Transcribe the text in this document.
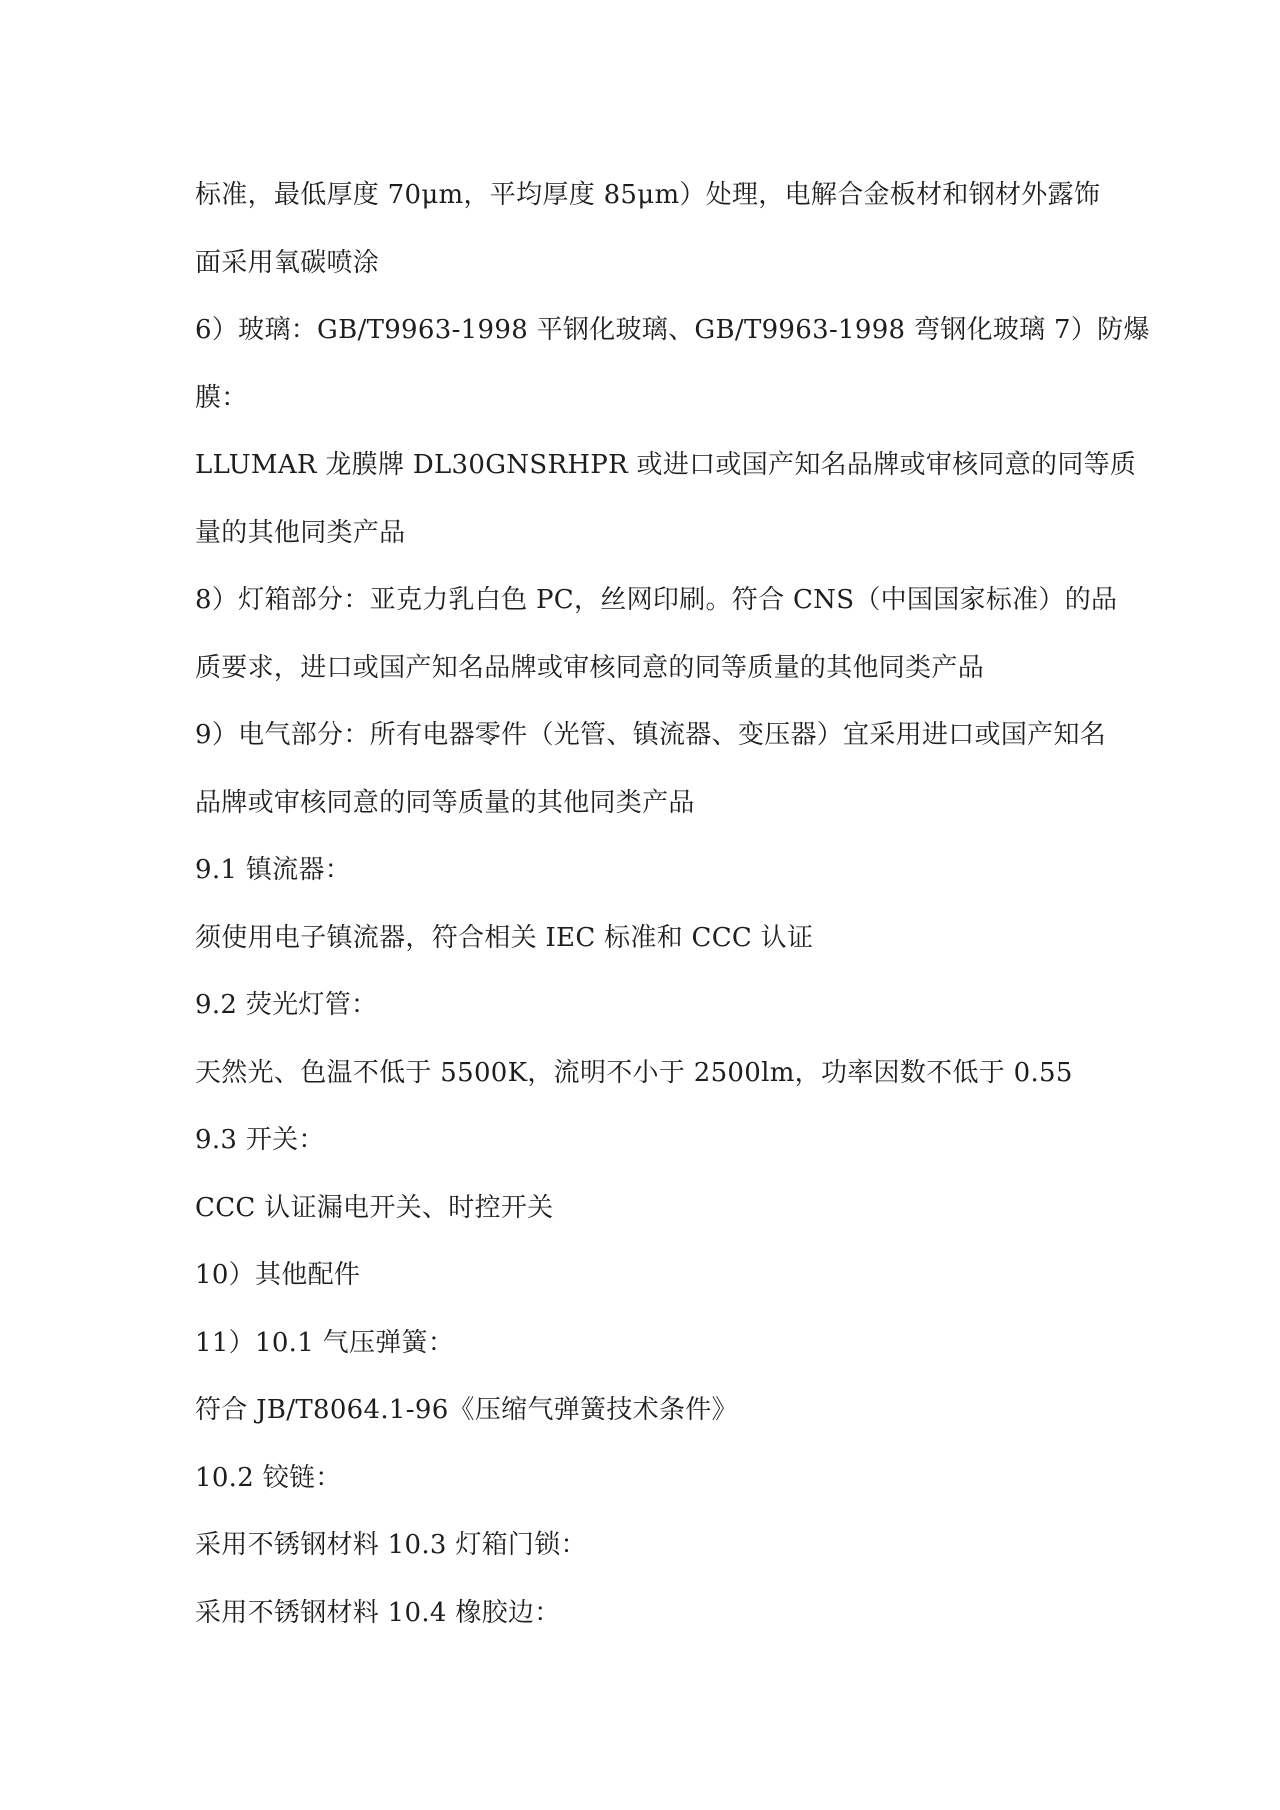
标准，最低厚度 70μm，平均厚度 85μm）处理，电解合金板材和钢材外露饰
面采用氧碳喷涂
6）玻璃：GB/T9963-1998 平钢化玻璃、GB/T9963-1998 弯钢化玻璃 7）防爆
膜：
LLUMAR 龙膜牌 DL30GNSRHPR 或进口或国产知名品牌或审核同意的同等质
量的其他同类产品
8）灯箱部分：亚克力乳白色 PC，丝网印刷。符合 CNS（中国国家标准）的品
质要求，进口或国产知名品牌或审核同意的同等质量的其他同类产品
9）电气部分：所有电器零件（光管、镇流器、变压器）宜采用进口或国产知名
品牌或审核同意的同等质量的其他同类产品
9.1 镇流器：
须使用电子镇流器，符合相关 IEC 标准和 CCC 认证
9.2 荧光灯管：
天然光、色温不低于 5500K，流明不小于 2500lm，功率因数不低于 0.55
9.3 开关：
CCC 认证漏电开关、时控开关
10）其他配件
11）10.1 气压弹簧：
符合 JB/T8064.1-96《压缩气弹簧技术条件》
10.2 铰链：
采用不锈钢材料 10.3 灯箱门锁：
采用不锈钢材料 10.4 橡胶边：
